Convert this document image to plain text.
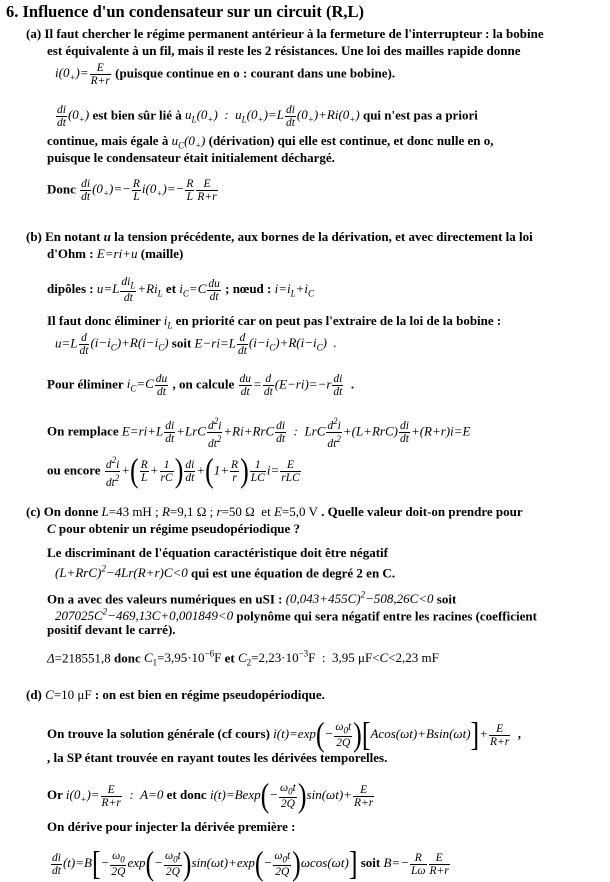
6. Influence d'un condensateur sur un circuit (R,L)
(a) Il faut chercher le régime permanent antérieur à la fermeture de l'interrupteur : la bobine
est équivalente à un fil, mais il reste les 2 résistances. Une loi des mailles rapide donne
$i(0_+)= \frac{E}{R+r}$ (puisque continue en o : courant dans une bobine).
$\frac{di}{dt} (0_+)$ est bien sûr lié à $u_L(0_+)$  :  $u_L(0_+)=L \frac{di}{dt} (0_+)+Ri(0_+)$ qui n'est pas a priori
continue, mais égale à $u_C(0_+)$ (dérivation) qui elle est continue, et donc nulle en o,
puisque le condensateur était initialement déchargé.
Donc $\frac{di}{dt} (0_+)=- \frac{R}{L} i(0_+)=- \frac{R}{L} \frac{E}{R+r}$
(b) En notant u la tension précédente, aux bornes de la dérivation, et avec directement la loi
d'Ohm : E=ri+u (maille)
dipôles : u=L $di_L$
dt
$+Ri_L$ et $i_C=C \frac{du}{dt}$ ; nœud : $i=i_L+i_C$
Il faut donc éliminer $i_L$ en priorité car on peut pas l'extraire de la loi de la bobine :
$u=L \frac{d}{dt} (i-i_C)+R(i-i_C)$ soit $E-ri=L \frac{d}{dt} (i-i_C)+R(i-i_C)$  .
Pour éliminer $i_C=C \frac{du}{dt}$ , on calcule $\frac{du}{dt} = \frac{d}{dt} (E-ri)=-r \frac{di}{dt}$ .
On remplace $E=ri+L \frac{di}{dt} +LrC \frac{d^2i}{dt^2} +Ri+RrC \frac{di}{dt}$ :  LrC $\frac{d^2i}{dt^2} +(L+RrC) \frac{di}{dt} +(R+r)i=E$
ou encore $\frac{d^2i}{dt^2}$ +( $\frac{R}{L} + \frac{1}{rC}$ ) $\frac{di}{dt} +(1+ \frac{R}{r}$ ) $\frac{1}{LC} i= E$
rLC
(c) On donne L=43 mH ; R=9,1 Ω ; r=50 Ω  et E=5,0 V . Quelle valeur doit-on prendre pour
C pour obtenir un régime pseudopériodique ?
Le discriminant de l'équation caractéristique doit être négatif
$(L+RrC)^2-4Lr(R+r)C<0$ qui est une équation de degré 2 en C.
On a avec des valeurs numériques en uSI : $(0,043+455C)^2-508,26C<0$ soit
$207025C^2-469,13C+0,001849<0$ polynôme qui sera négatif entre les racines (coefficient
positif devant le carré).
Δ=218551,8 donc $C_1=3,95\cdot 10^{-6}F$ et $C_2=2,23\cdot 10^{-3}F$  :  3,95 μF<C<2,23 mF
(d) C=10 μF : on est bien en régime pseudopériodique.
On trouve la solution générale (cf cours) $i(t)=\exp(- \frac{\omega_0t}{2Q} )[Acos(\omega t)+Bsin(\omega t)]+ \frac{E}{R+r}$ ,
, la SP étant trouvée en rayant toutes les dérivées temporelles.
Or $i(0_+)= \frac{E}{R+r}$ :  A=0 et donc $i(t)=Bexp(- \frac{\omega_0t}{2Q} )\sin(\omega t)+ \frac{E}{R+r}$
On dérive pour injecter la dérivée première :
$\frac{di}{dt} (t)=B[- \frac{\omega_0}{2Q} \exp(- \frac{\omega_0t}{2Q} )\sin(\omega t)+\exp(- \frac{\omega_0t}{2Q} )\omega\cos(\omega t)]$ soit $B=- \frac{R}{L\omega} \frac{E}{R+r}$
